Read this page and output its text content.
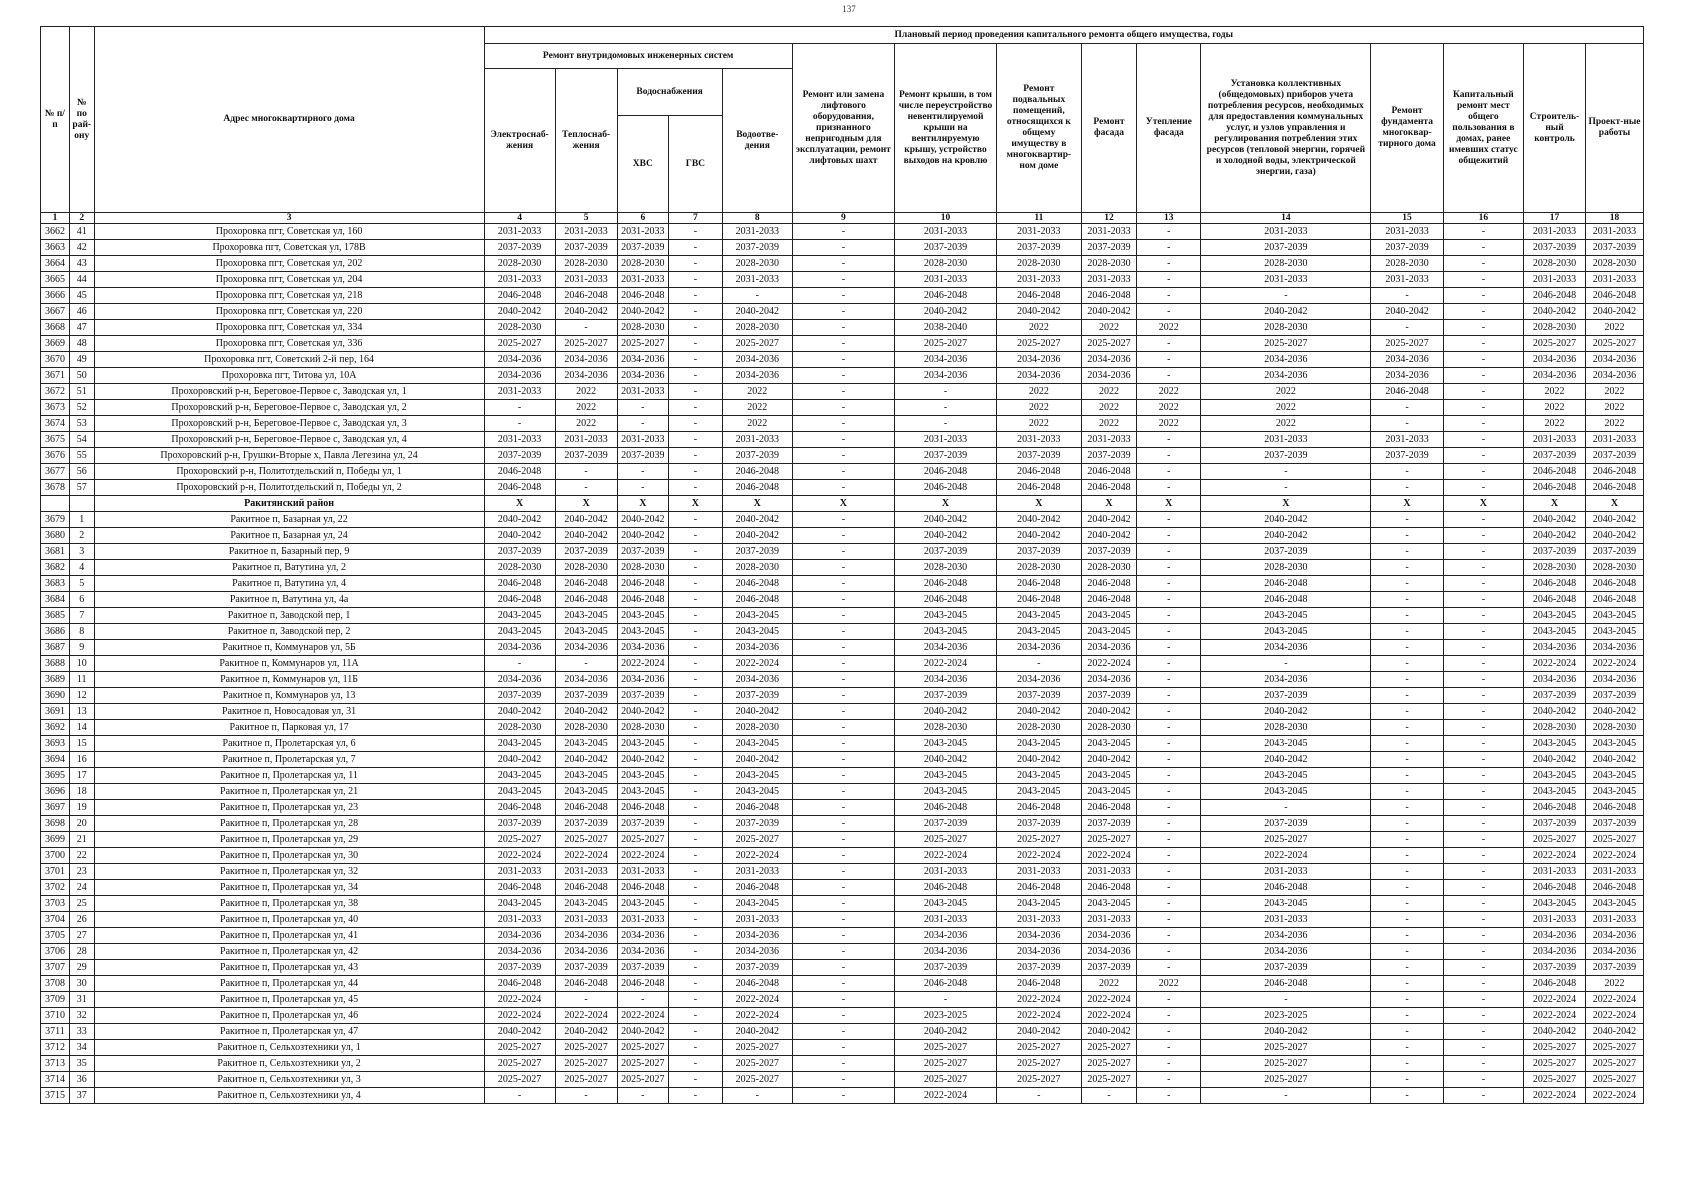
137
№ п/п	№ по рай-ону	Адрес многоквартирного дома	Плановый период проведения капитального ремонта общего имущества, годы														
			Ремонт внутридомовых инженерных систем					Ремонт или замена лифтового оборудования, признанного непригодным для эксплуатации, ремонт лифтовых шахт	Ремонт крыши, в том числе переустройство невентилируемой крыши на вентилируемую крышу, устройство выходов на кровлю	Ремонт подвальных помещений, относящихся к общему имуществу в многоквартир-ном доме	Ремонт фасада	Утепление фасада	Установка коллективных (общедомовых) приборов учета потребления ресурсов, необходимых для предоставления коммунальных услуг, и узлов управления и регулирования потребления этих ресурсов (тепловой энергии, горячей и холодной воды, электрической энергии, газа)	Ремонт фундамента многоквар-тирного дома	Капитальный ремонт мест общего пользования в домах, ранее имевших статус общежитий	Строитель-ный контроль	Проект-ные работы
			Электроснаб-жения	Теплоснаб-жения	Водоснабжения		Водоотве-дения										
					ХВС	ГВС											
1	2	3	4	5	6	7	8	9	10	11	12	13	14	15	16	17	18
3662	41	Прохоровка пгт, Советская ул, 160	2031-2033	2031-2033	2031-2033	-	2031-2033	-	2031-2033	2031-2033	2031-2033	-	2031-2033	2031-2033	-	2031-2033	2031-2033
3663	42	Прохоровка пгт, Советская ул, 178В	2037-2039	2037-2039	2037-2039	-	2037-2039	-	2037-2039	2037-2039	2037-2039	-	2037-2039	2037-2039	-	2037-2039	2037-2039
3664	43	Прохоровка пгт, Советская ул, 202	2028-2030	2028-2030	2028-2030	-	2028-2030	-	2028-2030	2028-2030	2028-2030	-	2028-2030	2028-2030	-	2028-2030	2028-2030
3665	44	Прохоровка пгт, Советская ул, 204	2031-2033	2031-2033	2031-2033	-	2031-2033	-	2031-2033	2031-2033	2031-2033	-	2031-2033	2031-2033	-	2031-2033	2031-2033
3666	45	Прохоровка пгт, Советская ул, 218	2046-2048	2046-2048	2046-2048	-	-	-	2046-2048	2046-2048	2046-2048	-	-	-	-	2046-2048	2046-2048
3667	46	Прохоровка пгт, Советская ул, 220	2040-2042	2040-2042	2040-2042	-	2040-2042	-	2040-2042	2040-2042	2040-2042	-	2040-2042	2040-2042	-	2040-2042	2040-2042
3668	47	Прохоровка пгт, Советская ул, 334	2028-2030	-	2028-2030	-	2028-2030	-	2038-2040	2022	2022	2022	2028-2030	-	-	2028-2030	2022
3669	48	Прохоровка пгт, Советская ул, 336	2025-2027	2025-2027	2025-2027	-	2025-2027	-	2025-2027	2025-2027	2025-2027	-	2025-2027	2025-2027	-	2025-2027	2025-2027
3670	49	Прохоровка пгт, Советский 2-й пер, 164	2034-2036	2034-2036	2034-2036	-	2034-2036	-	2034-2036	2034-2036	2034-2036	-	2034-2036	2034-2036	-	2034-2036	2034-2036
3671	50	Прохоровка пгт, Титова ул, 10А	2034-2036	2034-2036	2034-2036	-	2034-2036	-	2034-2036	2034-2036	2034-2036	-	2034-2036	2034-2036	-	2034-2036	2034-2036
3672	51	Прохоровский р-н, Береговое-Первое с, Заводская ул, 1	2031-2033	2022	2031-2033	-	2022	-	-	2022	2022	2022	2022	2046-2048	-	2022	2022
3673	52	Прохоровский р-н, Береговое-Первое с, Заводская ул, 2	-	2022	-	-	2022	-	-	2022	2022	2022	2022	-	-	2022	2022
3674	53	Прохоровский р-н, Береговое-Первое с, Заводская ул, 3	-	2022	-	-	2022	-	-	2022	2022	2022	2022	-	-	2022	2022
3675	54	Прохоровский р-н, Береговое-Первое с, Заводская ул, 4	2031-2033	2031-2033	2031-2033	-	2031-2033	-	2031-2033	2031-2033	2031-2033	-	2031-2033	2031-2033	-	2031-2033	2031-2033
3676	55	Прохоровский р-н, Грушки-Вторые х, Павла Легезина ул, 24	2037-2039	2037-2039	2037-2039	-	2037-2039	-	2037-2039	2037-2039	2037-2039	-	2037-2039	2037-2039	-	2037-2039	2037-2039
3677	56	Прохоровский р-н, Политотдельский п, Победы ул, 1	2046-2048	-	-	-	2046-2048	-	2046-2048	2046-2048	2046-2048	-	-	-	-	2046-2048	2046-2048
3678	57	Прохоровский р-н, Политотдельский п, Победы ул, 2	2046-2048	-	-	-	2046-2048	-	2046-2048	2046-2048	2046-2048	-	-	-	-	2046-2048	2046-2048
		Ракитянский район	X	X	X	X	X	X	X	X	X	X	X	X	X	X	X
3679	1	Ракитное п, Базарная ул, 22	2040-2042	2040-2042	2040-2042	-	2040-2042	-	2040-2042	2040-2042	2040-2042	-	2040-2042	-	-	2040-2042	2040-2042
3680	2	Ракитное п, Базарная ул, 24	2040-2042	2040-2042	2040-2042	-	2040-2042	-	2040-2042	2040-2042	2040-2042	-	2040-2042	-	-	2040-2042	2040-2042
3681	3	Ракитное п, Базарный пер, 9	2037-2039	2037-2039	2037-2039	-	2037-2039	-	2037-2039	2037-2039	2037-2039	-	2037-2039	-	-	2037-2039	2037-2039
3682	4	Ракитное п, Ватутина ул, 2	2028-2030	2028-2030	2028-2030	-	2028-2030	-	2028-2030	2028-2030	2028-2030	-	2028-2030	-	-	2028-2030	2028-2030
3683	5	Ракитное п, Ватутина ул, 4	2046-2048	2046-2048	2046-2048	-	2046-2048	-	2046-2048	2046-2048	2046-2048	-	2046-2048	-	-	2046-2048	2046-2048
3684	6	Ракитное п, Ватутина ул, 4а	2046-2048	2046-2048	2046-2048	-	2046-2048	-	2046-2048	2046-2048	2046-2048	-	2046-2048	-	-	2046-2048	2046-2048
3685	7	Ракитное п, Заводской пер, 1	2043-2045	2043-2045	2043-2045	-	2043-2045	-	2043-2045	2043-2045	2043-2045	-	2043-2045	-	-	2043-2045	2043-2045
3686	8	Ракитное п, Заводской пер, 2	2043-2045	2043-2045	2043-2045	-	2043-2045	-	2043-2045	2043-2045	2043-2045	-	2043-2045	-	-	2043-2045	2043-2045
3687	9	Ракитное п, Коммунаров ул, 5Б	2034-2036	2034-2036	2034-2036	-	2034-2036	-	2034-2036	2034-2036	2034-2036	-	2034-2036	-	-	2034-2036	2034-2036
3688	10	Ракитное п, Коммунаров ул, 11А	-	-	2022-2024	-	2022-2024	-	2022-2024	-	2022-2024	-	-	-	-	2022-2024	2022-2024
3689	11	Ракитное п, Коммунаров ул, 11Б	2034-2036	2034-2036	2034-2036	-	2034-2036	-	2034-2036	2034-2036	2034-2036	-	2034-2036	-	-	2034-2036	2034-2036
3690	12	Ракитное п, Коммунаров ул, 13	2037-2039	2037-2039	2037-2039	-	2037-2039	-	2037-2039	2037-2039	2037-2039	-	2037-2039	-	-	2037-2039	2037-2039
3691	13	Ракитное п, Новосадовая ул, 31	2040-2042	2040-2042	2040-2042	-	2040-2042	-	2040-2042	2040-2042	2040-2042	-	2040-2042	-	-	2040-2042	2040-2042
3692	14	Ракитное п, Парковая ул, 17	2028-2030	2028-2030	2028-2030	-	2028-2030	-	2028-2030	2028-2030	2028-2030	-	2028-2030	-	-	2028-2030	2028-2030
3693	15	Ракитное п, Пролетарская ул, 6	2043-2045	2043-2045	2043-2045	-	2043-2045	-	2043-2045	2043-2045	2043-2045	-	2043-2045	-	-	2043-2045	2043-2045
3694	16	Ракитное п, Пролетарская ул, 7	2040-2042	2040-2042	2040-2042	-	2040-2042	-	2040-2042	2040-2042	2040-2042	-	2040-2042	-	-	2040-2042	2040-2042
3695	17	Ракитное п, Пролетарская ул, 11	2043-2045	2043-2045	2043-2045	-	2043-2045	-	2043-2045	2043-2045	2043-2045	-	2043-2045	-	-	2043-2045	2043-2045
3696	18	Ракитное п, Пролетарская ул, 21	2043-2045	2043-2045	2043-2045	-	2043-2045	-	2043-2045	2043-2045	2043-2045	-	2043-2045	-	-	2043-2045	2043-2045
3697	19	Ракитное п, Пролетарская ул, 23	2046-2048	2046-2048	2046-2048	-	2046-2048	-	2046-2048	2046-2048	2046-2048	-	-	-	-	2046-2048	2046-2048
3698	20	Ракитное п, Пролетарская ул, 28	2037-2039	2037-2039	2037-2039	-	2037-2039	-	2037-2039	2037-2039	2037-2039	-	2037-2039	-	-	2037-2039	2037-2039
3699	21	Ракитное п, Пролетарская ул, 29	2025-2027	2025-2027	2025-2027	-	2025-2027	-	2025-2027	2025-2027	2025-2027	-	2025-2027	-	-	2025-2027	2025-2027
3700	22	Ракитное п, Пролетарская ул, 30	2022-2024	2022-2024	2022-2024	-	2022-2024	-	2022-2024	2022-2024	2022-2024	-	2022-2024	-	-	2022-2024	2022-2024
3701	23	Ракитное п, Пролетарская ул, 32	2031-2033	2031-2033	2031-2033	-	2031-2033	-	2031-2033	2031-2033	2031-2033	-	2031-2033	-	-	2031-2033	2031-2033
3702	24	Ракитное п, Пролетарская ул, 34	2046-2048	2046-2048	2046-2048	-	2046-2048	-	2046-2048	2046-2048	2046-2048	-	2046-2048	-	-	2046-2048	2046-2048
3703	25	Ракитное п, Пролетарская ул, 38	2043-2045	2043-2045	2043-2045	-	2043-2045	-	2043-2045	2043-2045	2043-2045	-	2043-2045	-	-	2043-2045	2043-2045
3704	26	Ракитное п, Пролетарская ул, 40	2031-2033	2031-2033	2031-2033	-	2031-2033	-	2031-2033	2031-2033	2031-2033	-	2031-2033	-	-	2031-2033	2031-2033
3705	27	Ракитное п, Пролетарская ул, 41	2034-2036	2034-2036	2034-2036	-	2034-2036	-	2034-2036	2034-2036	2034-2036	-	2034-2036	-	-	2034-2036	2034-2036
3706	28	Ракитное п, Пролетарская ул, 42	2034-2036	2034-2036	2034-2036	-	2034-2036	-	2034-2036	2034-2036	2034-2036	-	2034-2036	-	-	2034-2036	2034-2036
3707	29	Ракитное п, Пролетарская ул, 43	2037-2039	2037-2039	2037-2039	-	2037-2039	-	2037-2039	2037-2039	2037-2039	-	2037-2039	-	-	2037-2039	2037-2039
3708	30	Ракитное п, Пролетарская ул, 44	2046-2048	2046-2048	2046-2048	-	2046-2048	-	2046-2048	2046-2048	2022	2022	2046-2048	-	-	2046-2048	2022
3709	31	Ракитное п, Пролетарская ул, 45	2022-2024	-	-	-	2022-2024	-	-	2022-2024	2022-2024	-	-	-	-	2022-2024	2022-2024
3710	32	Ракитное п, Пролетарская ул, 46	2022-2024	2022-2024	2022-2024	-	2022-2024	-	2023-2025	2022-2024	2022-2024	-	2023-2025	-	-	2022-2024	2022-2024
3711	33	Ракитное п, Пролетарская ул, 47	2040-2042	2040-2042	2040-2042	-	2040-2042	-	2040-2042	2040-2042	2040-2042	-	2040-2042	-	-	2040-2042	2040-2042
3712	34	Ракитное п, Сельхозтехники ул, 1	2025-2027	2025-2027	2025-2027	-	2025-2027	-	2025-2027	2025-2027	2025-2027	-	2025-2027	-	-	2025-2027	2025-2027
3713	35	Ракитное п, Сельхозтехники ул, 2	2025-2027	2025-2027	2025-2027	-	2025-2027	-	2025-2027	2025-2027	2025-2027	-	2025-2027	-	-	2025-2027	2025-2027
3714	36	Ракитное п, Сельхозтехники ул, 3	2025-2027	2025-2027	2025-2027	-	2025-2027	-	2025-2027	2025-2027	2025-2027	-	2025-2027	-	-	2025-2027	2025-2027
3715	37	Ракитное п, Сельхозтехники ул, 4	-	-	-	-	-	-	2022-2024	-	-	-	-	-	-	2022-2024	2022-2024
